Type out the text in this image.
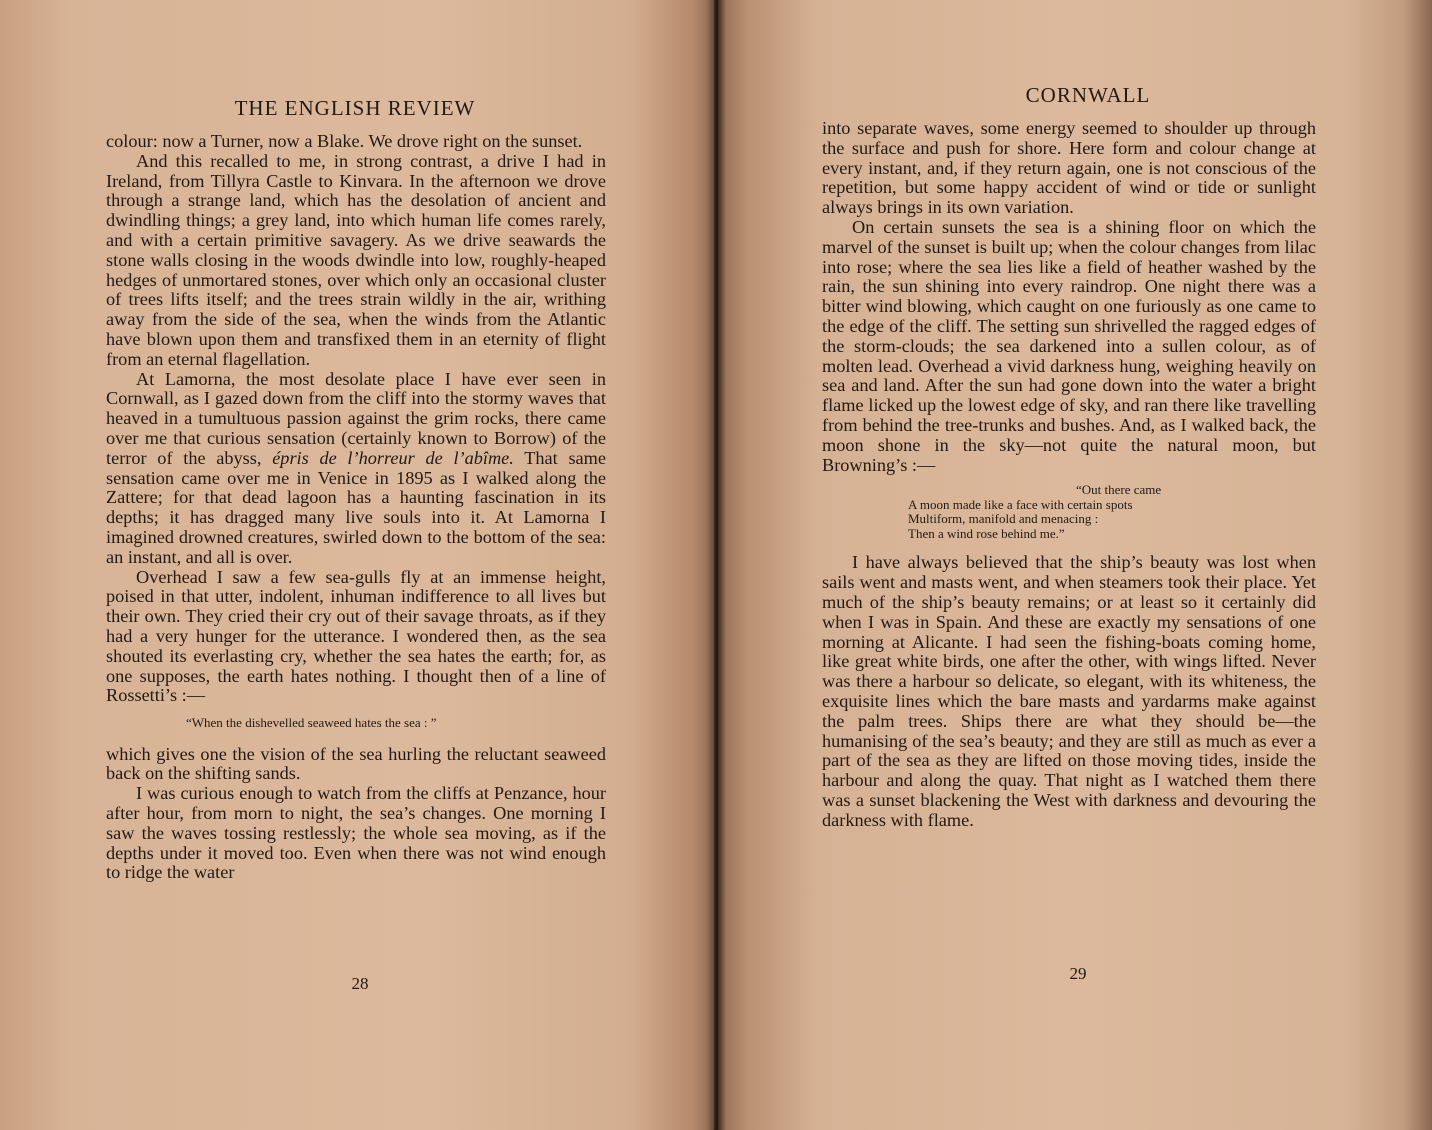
THE ENGLISH REVIEW

colour: now a Turner, now a Blake. We drove right on the sunset.

And this recalled to me, in strong contrast, a drive I had in Ireland, from Tillyra Castle to Kinvara. In the afternoon we drove through a strange land, which has the desolation of ancient and dwindling things; a grey land, into which human life comes rarely, and with a certain primitive savagery. As we drive seawards the stone walls closing in the woods dwindle into low, roughly-heaped hedges of unmortared stones, over which only an occasional cluster of trees lifts itself; and the trees strain wildly in the air, writhing away from the side of the sea, when the winds from the Atlantic have blown upon them and transfixed them in an eternity of flight from an eternal flagellation.

At Lamorna, the most desolate place I have ever seen in Cornwall, as I gazed down from the cliff into the stormy waves that heaved in a tumultuous passion against the grim rocks, there came over me that curious sensation (certainly known to Borrow) of the terror of the abyss, épris de l’horreur de l’abîme. That same sensation came over me in Venice in 1895 as I walked along the Zattere; for that dead lagoon has a haunting fascination in its depths; it has dragged many live souls into it. At Lamorna I imagined drowned creatures, swirled down to the bottom of the sea: an instant, and all is over.

Overhead I saw a few sea-gulls fly at an immense height, poised in that utter, indolent, inhuman indifference to all lives but their own. They cried their cry out of their savage throats, as if they had a very hunger for the utterance. I wondered then, as the sea shouted its everlasting cry, whether the sea hates the earth; for, as one supposes, the earth hates nothing. I thought then of a line of Rossetti’s :—

“When the dishevelled seaweed hates the sea : ”

which gives one the vision of the sea hurling the reluctant seaweed back on the shifting sands.

I was curious enough to watch from the cliffs at Penzance, hour after hour, from morn to night, the sea’s changes. One morning I saw the waves tossing restlessly; the whole sea moving, as if the depths under it moved too. Even when there was not wind enough to ridge the water

28
CORNWALL

into separate waves, some energy seemed to shoulder up through the surface and push for shore. Here form and colour change at every instant, and, if they return again, one is not conscious of the repetition, but some happy accident of wind or tide or sunlight always brings in its own variation.

On certain sunsets the sea is a shining floor on which the marvel of the sunset is built up; when the colour changes from lilac into rose; where the sea lies like a field of heather washed by the rain, the sun shining into every raindrop. One night there was a bitter wind blowing, which caught on one furiously as one came to the edge of the cliff. The setting sun shrivelled the ragged edges of the storm-clouds; the sea darkened into a sullen colour, as of molten lead. Overhead a vivid darkness hung, weighing heavily on sea and land. After the sun had gone down into the water a bright flame licked up the lowest edge of sky, and ran there like travelling from behind the tree-trunks and bushes. And, as I walked back, the moon shone in the sky—not quite the natural moon, but Browning’s :—

“Out there came
A moon made like a face with certain spots
Multiform, manifold and menacing :
Then a wind rose behind me.”

I have always believed that the ship’s beauty was lost when sails went and masts went, and when steamers took their place. Yet much of the ship’s beauty remains; or at least so it certainly did when I was in Spain. And these are exactly my sensations of one morning at Alicante. I had seen the fishing-boats coming home, like great white birds, one after the other, with wings lifted. Never was there a harbour so delicate, so elegant, with its whiteness, the exquisite lines which the bare masts and yardarms make against the palm trees. Ships there are what they should be—the humanising of the sea’s beauty; and they are still as much as ever a part of the sea as they are lifted on those moving tides, inside the harbour and along the quay. That night as I watched them there was a sunset blackening the West with darkness and devouring the darkness with flame.

29
